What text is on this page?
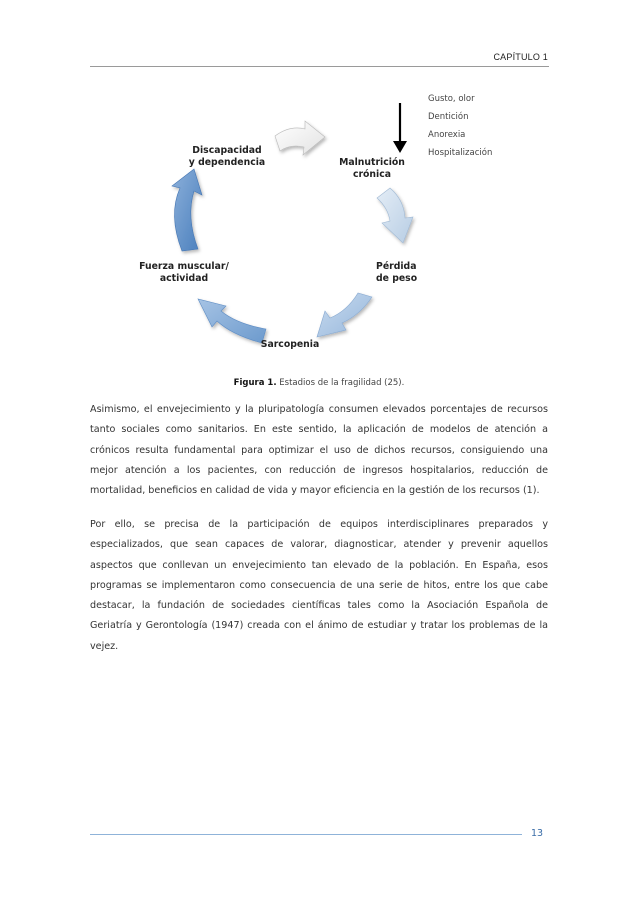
CAPÍTULO 1
Discapacidad
y dependencia	Malnutrición
crónica
Pérdida
de peso
Sarcopenia
Fuerza muscular/
actividad
Gusto, olor
Dentición
Anorexia
Hospitalización
Figura 1. Estadios de la fragilidad (25).
Asimismo, el envejecimiento y la pluripatología consumen elevados porcentajes de recursos tanto sociales como sanitarios. En este sentido, la aplicación de modelos de atención a crónicos resulta fundamental para optimizar el uso de dichos recursos, consiguiendo una mejor atención a los pacientes, con reducción de ingresos hospitalarios, reducción de mortalidad, beneficios en calidad de vida y mayor eficiencia en la gestión de los recursos (1).
Por ello, se precisa de la participación de equipos interdisciplinares preparados y especializados, que sean capaces de valorar, diagnosticar, atender y prevenir aquellos aspectos que conllevan un envejecimiento tan elevado de la población. En España, esos programas se implementaron como consecuencia de una serie de hitos, entre los que cabe destacar, la fundación de sociedades científicas tales como la Asociación Española de Geriatría y Gerontología (1947) creada con el ánimo de estudiar y tratar los problemas de la vejez.
13
